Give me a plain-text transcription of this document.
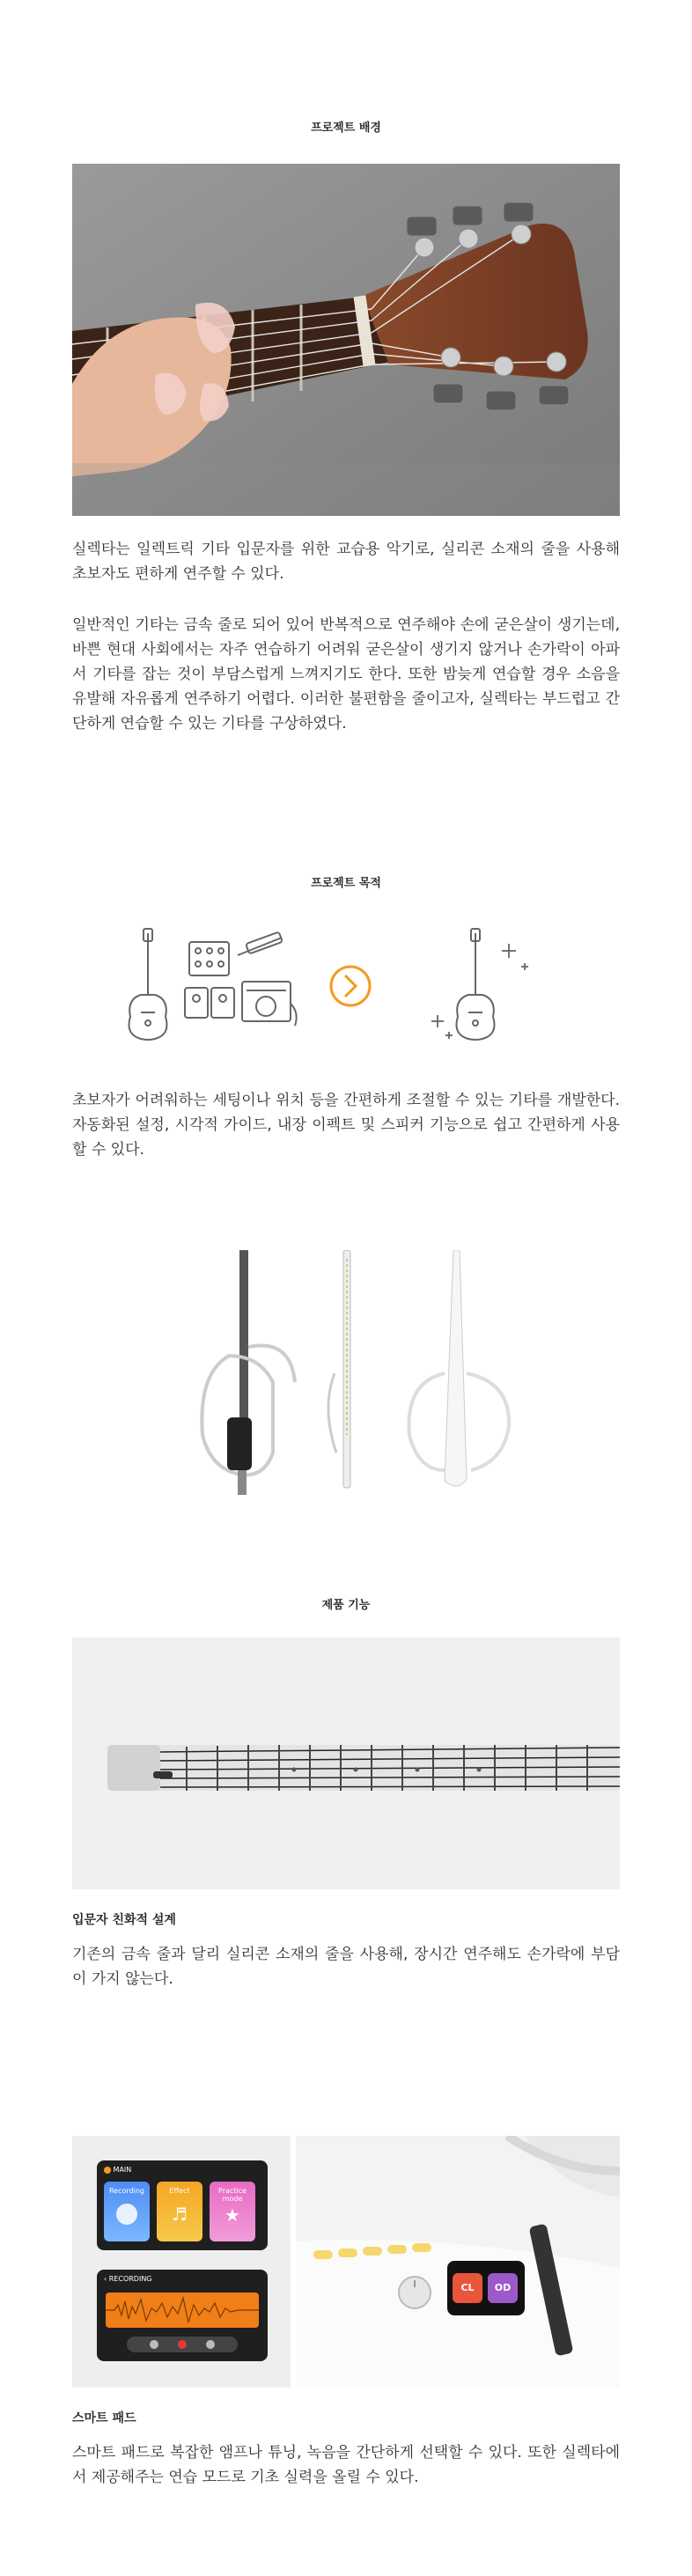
프로젝트 배경

실렉타는 일렉트릭 기타 입문자를 위한 교습용 악기로, 실리콘 소재의 줄을 사용해 초보자도 편하게 연주할 수 있다.

일반적인 기타는 금속 줄로 되어 있어 반복적으로 연주해야 손에 굳은살이 생기는데, 바쁜 현대 사회에서는 자주 연습하기 어려워 굳은살이 생기지 않거나 손가락이 아파서 기타를 잡는 것이 부담스럽게 느껴지기도 한다. 또한 밤늦게 연습할 경우 소음을 유발해 자유롭게 연주하기 어렵다. 이러한 불편함을 줄이고자, 실렉타는 부드럽고 간단하게 연습할 수 있는 기타를 구상하였다.

프로젝트 목적

초보자가 어려워하는 세팅이나 위치 등을 간편하게 조절할 수 있는 기타를 개발한다. 자동화된 설정, 시각적 가이드, 내장 이펙트 및 스피커 기능으로 쉽고 간편하게 사용할 수 있다.

제품 기능
입문자 친화적 설계

기존의 금속 줄과 달리 실리콘 소재의 줄을 사용해, 장시간 연주해도 손가락에 부담이 가지 않는다.

MAIN
Recording	Effect
♬
Practice mode
★
‹ RECORDING
CL	OD
스마트 패드

스마트 패드로 복잡한 앰프나 튜닝, 녹음을 간단하게 선택할 수 있다. 또한 실렉타에서 제공해주는 연습 모드로 기초 실력을 올릴 수 있다.
